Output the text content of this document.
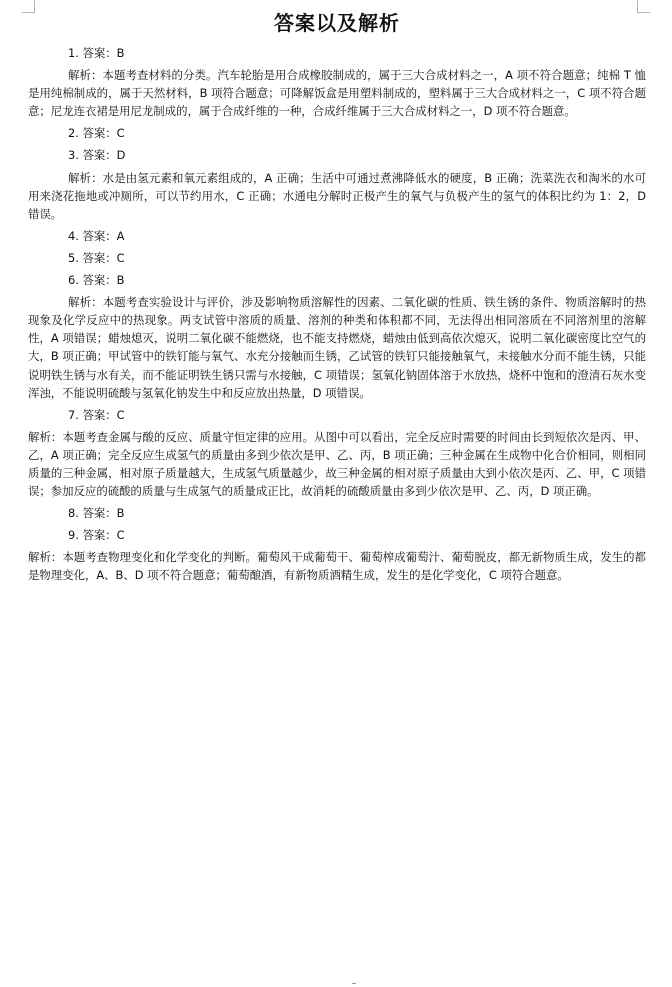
答案以及解析

1. 答案：B

解析：本题考查材料的分类。汽车轮胎是用合成橡胶制成的，属于三大合成材料之一，A 项不符合题意；纯棉 T 恤是用纯棉制成的，属于天然材料，B 项符合题意；可降解饭盒是用塑料制成的，塑料属于三大合成材料之一，C 项不符合题意；尼龙连衣裙是用尼龙制成的，属于合成纤维的一种，合成纤维属于三大合成材料之一，D 项不符合题意。

2. 答案：C

3. 答案：D

解析：水是由氢元素和氧元素组成的，A 正确；生活中可通过煮沸降低水的硬度，B 正确；洗菜洗衣和淘米的水可用来浇花拖地或冲厕所，可以节约用水，C 正确；水通电分解时正极产生的氧气与负极产生的氢气的体积比约为 1：2，D 错误。

4. 答案：A

5. 答案：C

6. 答案：B

解析：本题考查实验设计与评价，涉及影响物质溶解性的因素、二氧化碳的性质、铁生锈的条件、物质溶解时的热现象及化学反应中的热现象。两支试管中溶质的质量、溶剂的种类和体积都不同，无法得出相同溶质在不同溶剂里的溶解性，A 项错误；蜡烛熄灭，说明二氧化碳不能燃烧，也不能支持燃烧，蜡烛由低到高依次熄灭，说明二氧化碳密度比空气的大，B 项正确；甲试管中的铁钉能与氧气、水充分接触而生锈，乙试管的铁钉只能接触氧气，未接触水分而不能生锈，只能说明铁生锈与水有关，而不能证明铁生锈只需与水接触，C 项错误；氢氧化钠固体溶于水放热，烧杯中饱和的澄清石灰水变浑浊，不能说明硫酸与氢氧化钠发生中和反应放出热量，D 项错误。

7. 答案：C

解析：本题考查金属与酸的反应、质量守恒定律的应用。从图中可以看出，完全反应时需要的时间由长到短依次是丙、甲、乙，A 项正确；完全反应生成氢气的质量由多到少依次是甲、乙、丙，B 项正确；三种金属在生成物中化合价相同，则相同质量的三种金属，相对原子质量越大，生成氢气质量越少，故三种金属的相对原子质量由大到小依次是丙、乙、甲，C 项错误；参加反应的硫酸的质量与生成氢气的质量成正比，故消耗的硫酸质量由多到少依次是甲、乙、丙，D 项正确。

8. 答案：B

9. 答案：C

解析：本题考查物理变化和化学变化的判断。葡萄风干成葡萄干、葡萄榨成葡萄汁、葡萄脱皮，都无新物质生成，发生的都是物理变化，A、B、D 项不符合题意；葡萄酿酒，有新物质酒精生成，发生的是化学变化，C 项符合题意。
